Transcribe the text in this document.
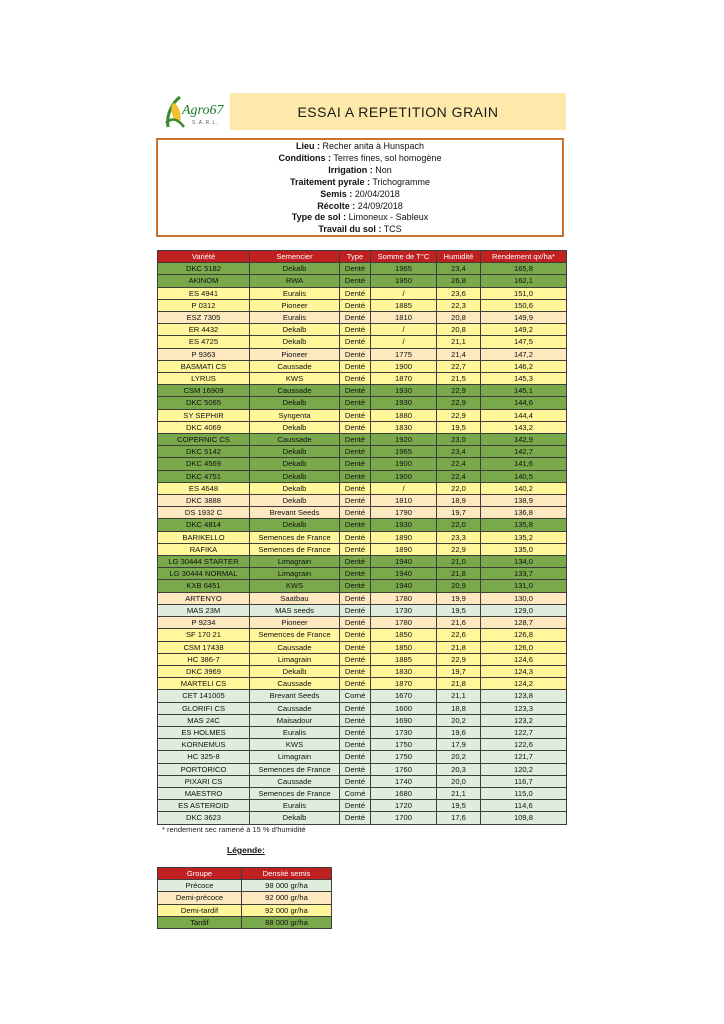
Agro67
S.A.R.L.
ESSAI A REPETITION GRAIN
Lieu : Recher anita à Hunspach
Conditions : Terres fines, sol homogène
Irrigation : Non
Traitement pyrale : Trichogramme
Semis : 20/04/2018
Récolte : 24/09/2018
Type de sol : Limoneux - Sableux
Travail du sol : TCS
Variété	Semencier	Type	Somme de T°C	Humidité	Rendement qx/ha*
DKC 5182	Dekalb	Denté	1965	23,4	165,8
AKINOM	RWA	Denté	1950	26,8	162,1
ES 4941	Euralis	Denté	/	23,6	151,0
P 0312	Pioneer	Denté	1885	22,3	150,6
ESZ 7305	Euralis	Denté	1810	20,8	149,9
ER 4432	Dekalb	Denté	/	20,8	149,2
ES 4725	Dekalb	Denté	/	21,1	147,5
P 9363	Pioneer	Denté	1775	21,4	147,2
BASMATI CS	Caussade	Denté	1900	22,7	146,2
LYRUS	KWS	Denté	1870	21,5	145,3
CSM 16909	Caussade	Denté	1930	22,9	145,1
DKC 5065	Dekalb	Denté	1930	22,9	144,6
SY SEPHIR	Syngenta	Denté	1880	22,9	144,4
DKC 4069	Dekalb	Denté	1830	19,5	143,2
COPERNIC CS	Caussade	Denté	1920	23,0	142,9
DKC 5142	Dekalb	Denté	1965	23,4	142,7
DKC 4569	Dekalb	Denté	1900	22,4	141,6
DKC 4751	Dekalb	Denté	1900	22,4	140,5
ES 4648	Dekalb	Denté	/	22,0	140,2
DKC 3888	Dekalb	Denté	1810	18,9	138,9
DS 1932 C	Brevant Seeds	Denté	1790	19,7	136,8
DKC 4814	Dekalb	Denté	1930	22,0	135,8
BARIKELLO	Semences de France	Denté	1890	23,3	135,2
RAFIKA	Semences de France	Denté	1890	22,9	135,0
LG 30444 STARTER	Limagrain	Denté	1940	21,0	134,0
LG 30444 NORMAL	Limagrain	Denté	1940	21,8	133,7
KXB 6451	KWS	Denté	1940	20,9	131,0
ARTENYO	Saatbau	Denté	1780	19,9	130,0
MAS 23M	MAS seeds	Denté	1730	19,5	129,0
P 9234	Pioneer	Denté	1780	21,6	128,7
SF 170 21	Semences de France	Denté	1850	22,6	126,8
CSM 17438	Caussade	Denté	1850	21,8	126,0
HC 386-7	Limagrain	Denté	1885	22,9	124,6
DKC 3969	Dekalb	Denté	1830	19,7	124,3
MARTELI CS	Caussade	Denté	1870	21,8	124,2
CET 141005	Brevant Seeds	Corné	1670	21,1	123,8
GLORIFI CS	Caussade	Denté	1600	18,8	123,3
MAS 24C	Maisadour	Denté	1690	20,2	123,2
ES HOLMES	Euralis	Denté	1730	19,6	122,7
KORNEMUS	KWS	Denté	1750	17,9	122,6
HC 325-8	Limagrain	Denté	1750	20,2	121,7
PORTORICO	Semences de France	Denté	1760	20,3	120,2
PIXARI CS	Caussade	Denté	1740	20,0	116,7
MAESTRO	Semences de France	Corné	1680	21,1	115,0
ES ASTEROID	Euralis	Denté	1720	19,5	114,6
DKC 3623	Dekalb	Denté	1700	17,6	109,8
* rendement sec ramené à 15 % d'humidité
Légende:
Groupe	Densité semis
Précoce	98 000 gr/ha
Demi-précoce	92 000 gr/ha
Demi-tardif	92 000 gr/ha
Tardif	88 000 gr/ha
